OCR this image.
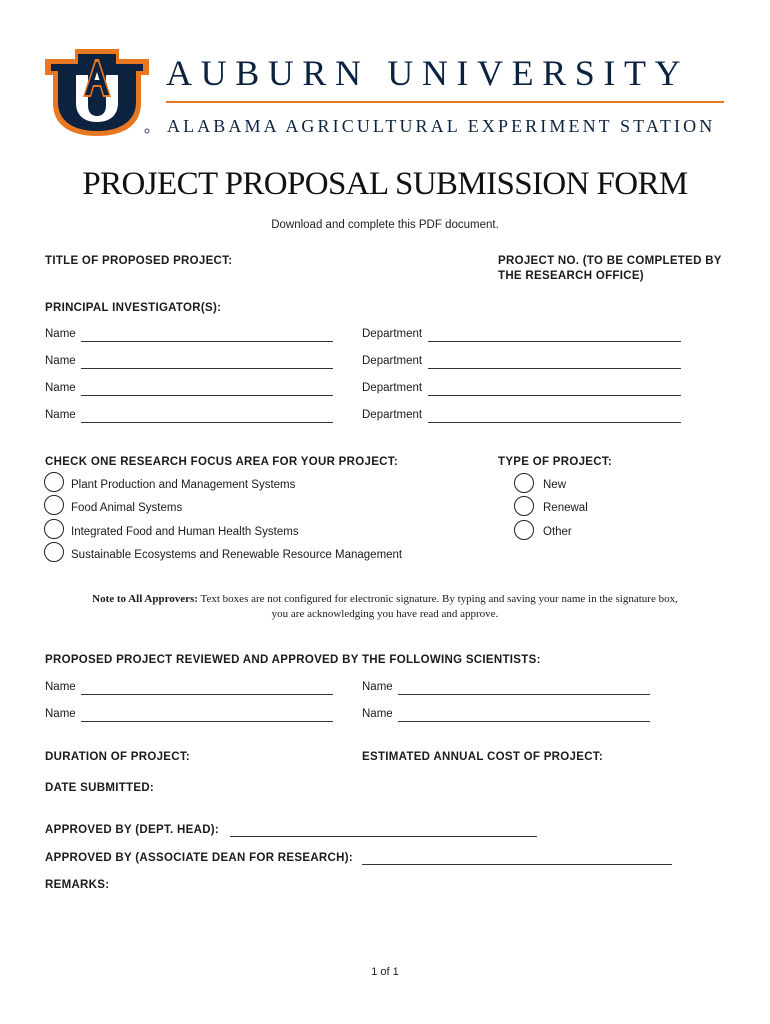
AUBURN UNIVERSITY
ALABAMA AGRICULTURAL EXPERIMENT STATION
PROJECT PROPOSAL SUBMISSION FORM
Download and complete this PDF document.
TITLE OF PROPOSED PROJECT:	PROJECT NO. (TO BE COMPLETED BY
THE RESEARCH OFFICE)
PRINCIPAL INVESTIGATOR(S):
Name	Department
Name	Department
Name	Department
Name	Department
CHECK ONE RESEARCH FOCUS AREA FOR YOUR PROJECT:
Plant Production and Management Systems
Food Animal Systems
Integrated Food and Human Health Systems
Sustainable Ecosystems and Renewable Resource Management
TYPE OF PROJECT:
New
Renewal
Other
Note to All Approvers: Text boxes are not configured for electronic signature. By typing and saving your name in the signature box,
you are acknowledging you have read and approve.
PROPOSED PROJECT REVIEWED AND APPROVED BY THE FOLLOWING SCIENTISTS:
Name	Name
Name	Name
DURATION OF PROJECT:	ESTIMATED ANNUAL COST OF PROJECT:
DATE SUBMITTED:
APPROVED BY (DEPT. HEAD):
APPROVED BY (ASSOCIATE DEAN FOR RESEARCH):
REMARKS:
1 of 1
